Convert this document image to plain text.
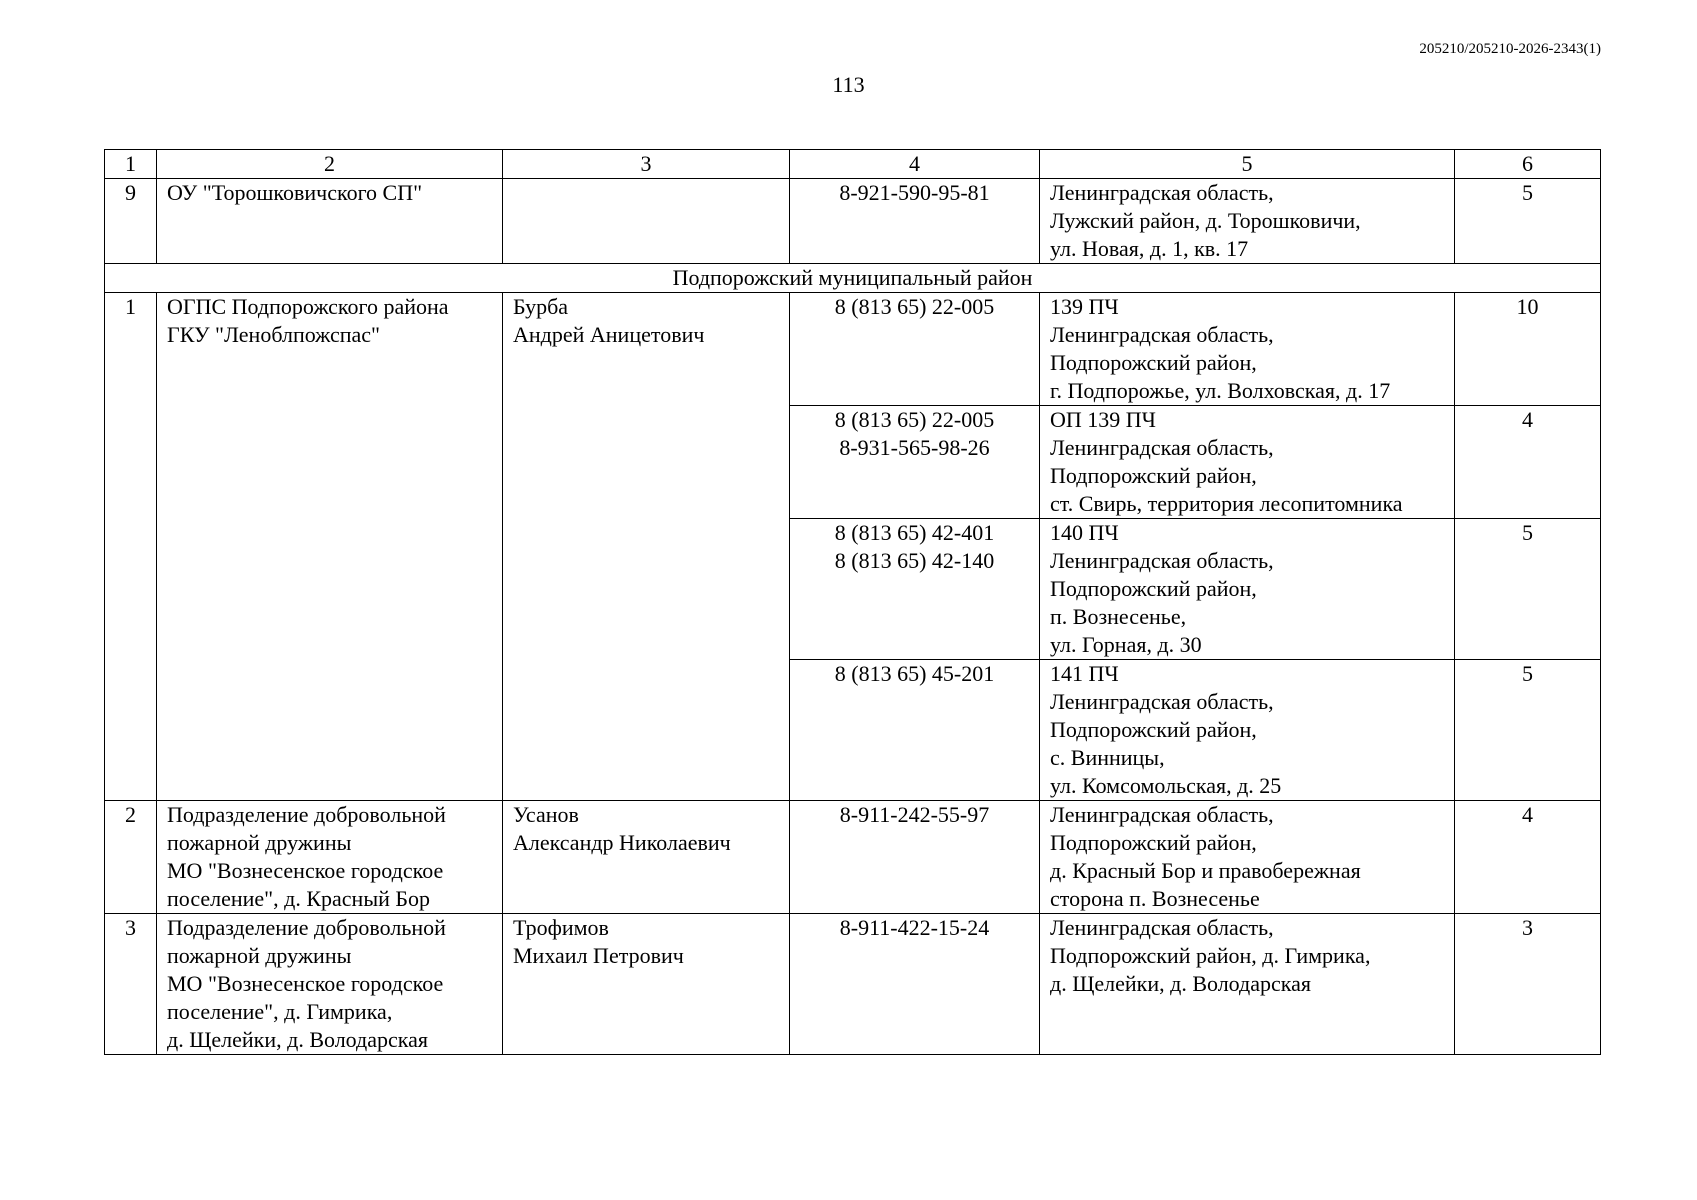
205210/205210-2026-2343(1)
113
1	2	3	4	5	6
9	ОУ "Торошковичского СП"		8-921-590-95-81	Ленинградская область,
Лужский район, д. Торошковичи,
ул. Новая, д. 1, кв. 17	5
Подпорожский муниципальный район					
1	ОГПС Подпорожского района
ГКУ "Леноблпожспас"	Бурба
Андрей Аницетович	8 (813 65) 22-005	139 ПЧ
Ленинградская область,
Подпорожский район,
г. Подпорожье, ул. Волховская, д. 17	10
			8 (813 65) 22-005
8-931-565-98-26	ОП 139 ПЧ
Ленинградская область,
Подпорожский район,
ст. Свирь, территория лесопитомника	4
			8 (813 65) 42-401
8 (813 65) 42-140	140 ПЧ
Ленинградская область,
Подпорожский район,
п. Вознесенье,
ул. Горная, д. 30	5
			8 (813 65) 45-201	141 ПЧ
Ленинградская область,
Подпорожский район,
с. Винницы,
ул. Комсомольская, д. 25	5
2	Подразделение добровольной
пожарной дружины
МО "Вознесенское городское
поселение", д. Красный Бор	Усанов
Александр Николаевич	8-911-242-55-97	Ленинградская область,
Подпорожский район,
д. Красный Бор и правобережная
сторона п. Вознесенье	4
3	Подразделение добровольной
пожарной дружины
МО "Вознесенское городское
поселение", д. Гимрика,
д. Щелейки, д. Володарская	Трофимов
Михаил Петрович	8-911-422-15-24	Ленинградская область,
Подпорожский район, д. Гимрика,
д. Щелейки, д. Володарская	3
